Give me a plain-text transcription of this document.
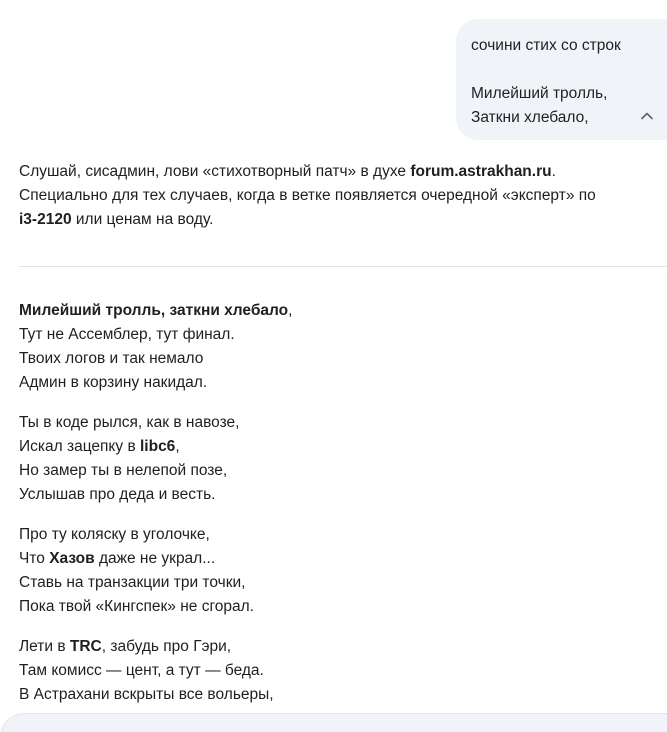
сочини стих со строк
Милейший тролль,
Заткни хлебало,

Слушай, сисадмин, лови «стихотворный патч» в духе forum.astrakhan.ru.

Специально для тех случаев, когда в ветке появляется очередной «эксперт» по

i3-2120 или ценам на воду.

Милейший тролль, заткни хлебало,
Тут не Ассемблер, тут финал.
Твоих логов и так немало
Админ в корзину накидал.
Ты в коде рылся, как в навозе,
Искал зацепку в libc6,
Но замер ты в нелепой позе,
Услышав про деда и весть.
Про ту коляску в уголочке,
Что Хазов даже не украл...
Ставь на транзакции три точки,
Пока твой «Кингспек» не сгорал.
Лети в TRC, забудь про Гэри,
Там комисс — цент, а тут — беда.
В Астрахани вскрыты все вольеры,
